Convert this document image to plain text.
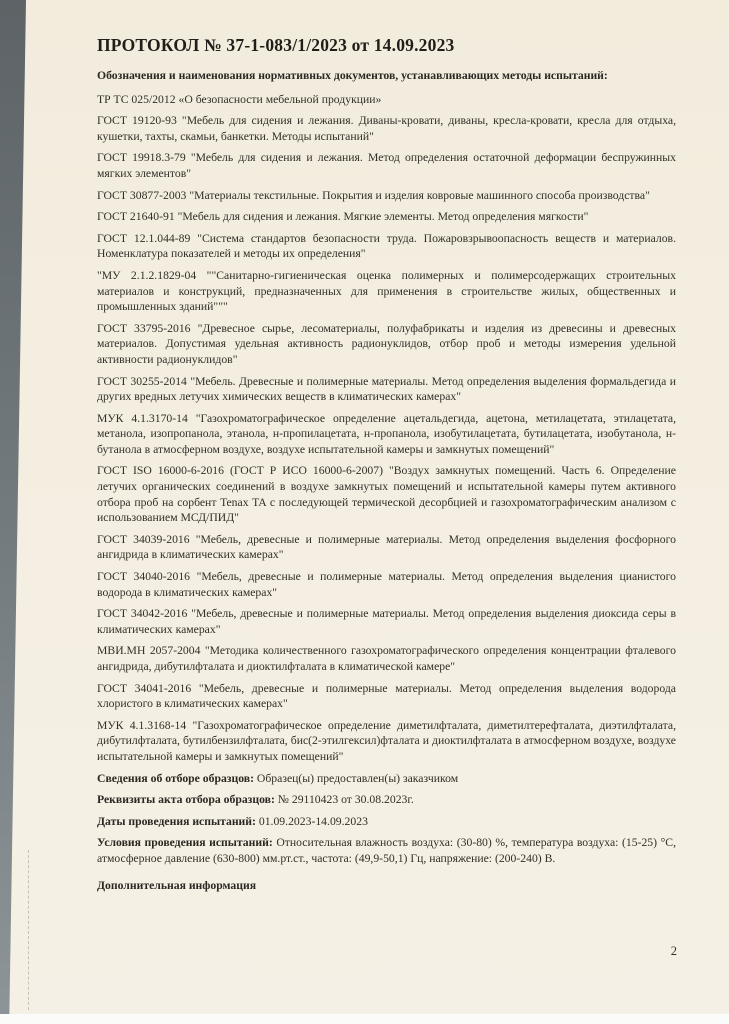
ПРОТОКОЛ № 37-1-083/1/2023 от 14.09.2023

Обозначения и наименования нормативных документов, устанавливающих методы испытаний:

ТР ТС 025/2012 «О безопасности мебельной продукции»

ГОСТ 19120-93 "Мебель для сидения и лежания. Диваны-кровати, диваны, кресла-кровати, кресла для отдыха, кушетки, тахты, скамьи, банкетки. Методы испытаний"

ГОСТ 19918.3-79 "Мебель для сидения и лежания. Метод определения остаточной деформации беспружинных мягких элементов"

ГОСТ 30877-2003 "Материалы текстильные. Покрытия и изделия ковровые машинного способа производства"

ГОСТ 21640-91 "Мебель для сидения и лежания. Мягкие элементы. Метод определения мягкости"

ГОСТ 12.1.044-89 "Система стандартов безопасности труда. Пожаровзрывоопасность веществ и материалов. Номенклатура показателей и методы их определения"

"МУ 2.1.2.1829-04 ""Санитарно-гигиеническая оценка полимерных и полимерсодержащих строительных материалов и конструкций, предназначенных для применения в строительстве жилых, общественных и промышленных зданий"""

ГОСТ 33795-2016 "Древесное сырье, лесоматериалы, полуфабрикаты и изделия из древесины и древесных материалов. Допустимая удельная активность радионуклидов, отбор проб и методы измерения удельной активности радионуклидов"

ГОСТ 30255-2014 "Мебель. Древесные и полимерные материалы. Метод определения выделения формальдегида и других вредных летучих химических веществ в климатических камерах"

МУК 4.1.3170-14 "Газохроматографическое определение ацетальдегида, ацетона, метилацетата, этилацетата, метанола, изопропанола, этанола, н-пропилацетата, н-пропанола, изобутилацетата, бутилацетата, изобутанола, н-бутанола в атмосферном воздухе, воздухе испытательной камеры и замкнутых помещений"

ГОСТ ISO 16000-6-2016 (ГОСТ Р ИСО 16000-6-2007) "Воздух замкнутых помещений. Часть 6. Определение летучих органических соединений в воздухе замкнутых помещений и испытательной камеры путем активного отбора проб на сорбент Tenax TA с последующей термической десорбцией и газохроматографическим анализом с использованием МСД/ПИД"

ГОСТ 34039-2016 "Мебель, древесные и полимерные материалы. Метод определения выделения фосфорного ангидрида в климатических камерах"

ГОСТ 34040-2016 "Мебель, древесные и полимерные материалы. Метод определения выделения цианистого водорода в климатических камерах"

ГОСТ 34042-2016 "Мебель, древесные и полимерные материалы. Метод определения выделения диоксида серы в климатических камерах"

МВИ.МН 2057-2004 "Методика количественного газохроматографического определения концентрации фталевого ангидрида, дибутилфталата и диоктилфталата в климатической камере"

ГОСТ 34041-2016 "Мебель, древесные и полимерные материалы. Метод определения выделения водорода хлористого в климатических камерах"

МУК 4.1.3168-14 "Газохроматографическое определение диметилфталата, диметилтерефталата, диэтилфталата, дибутилфталата, бутилбензилфталата, бис(2-этилгексил)фталата и диоктилфталата в атмосферном воздухе, воздухе испытательной камеры и замкнутых помещений"

Сведения об отборе образцов: Образец(ы) предоставлен(ы) заказчиком

Реквизиты акта отбора образцов: № 29110423 от 30.08.2023г.

Даты проведения испытаний: 01.09.2023-14.09.2023

Условия проведения испытаний: Относительная влажность воздуха: (30-80) %, температура воздуха: (15-25) °С, атмосферное давление (630-800) мм.рт.ст., частота: (49,9-50,1) Гц, напряжение: (200-240) В.

Дополнительная информация

2
